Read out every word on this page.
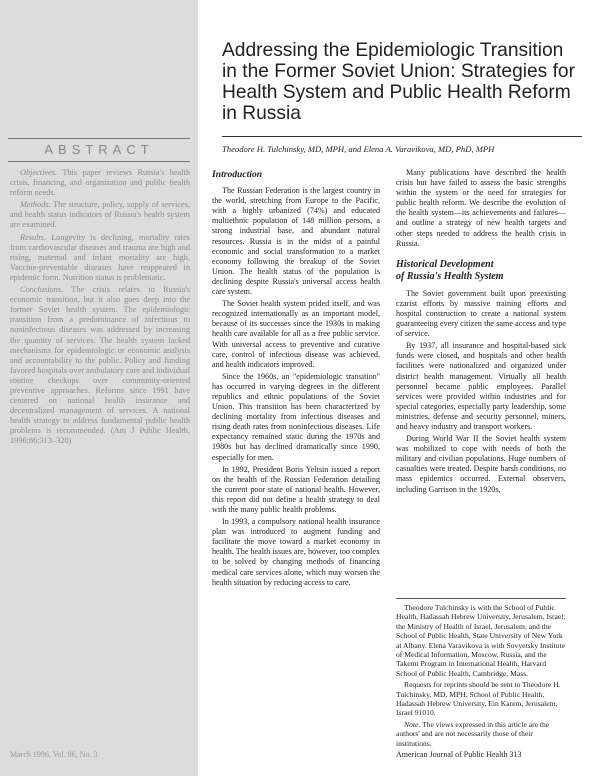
ABSTRACT

Objectives. This paper reviews Russia's health crisis, financing, and organization and public health reform needs.

Methods. The structure, policy, supply of services, and health status indicators of Russia's health system are examined.

Results. Longevity is declining, mortality rates from cardiovascular diseases and trauma are high and rising, maternal and infant mortality are high. Vaccine-preventable diseases have reappeared in epidemic form. Nutrition status is problematic.

Conclusions. The crisis relates to Russia's economic transition, but it also goes deep into the former Soviet health system. The epidemiologic transition from a predominance of infectious to noninfectious diseases was addressed by increasing the quantity of services. The health system lacked mechanisms for epidemiologic or economic analysis and accountability to the public. Policy and funding favored hospitals over ambulatory care and individual routine checkups over community-oriented preventive approaches. Reforms since 1991 have centered on national health insurance and decentralized management of services. A national health strategy to address fundamental public health problems is recommended. (Am J Public Health. 1996;86:313–320)

March 1996, Vol. 86, No. 3
Addressing the Epidemiologic Transition in the Former Soviet Union: Strategies for Health System and Public Health Reform in Russia
Theodore H. Tulchinsky, MD, MPH, and Elena A. Varavikova, MD, PhD, MPH
Introduction

The Russian Federation is the largest country in the world, stretching from Europe to the Pacific, with a highly urbanized (74%) and educated multiethnic population of 148 million persons, a strong industrial base, and abundant natural resources. Russia is in the midst of a painful economic and social transformation to a market economy following the breakup of the Soviet Union. The health status of the population is declining despite Russia's universal access health care system.

The Soviet health system prided itself, and was recognized internationally as an important model, because of its successes since the 1930s in making health care available for all as a free public service. With universal access to preventive and curative care, control of infectious disease was achieved, and health indicators improved.

Since the 1960s, an "epidemiologic transition" has occurred in varying degrees in the different republics and ethnic populations of the Soviet Union. This transition has been characterized by declining mortality from infectious diseases and rising death rates from noninfectious diseases. Life expectancy remained static during the 1970s and 1980s but has declined dramatically since 1990, especially for men.

In 1992, President Boris Yeltsin issued a report on the health of the Russian Federation detailing the current poor state of national health. However, this report did not define a health strategy to deal with the many public health problems.

In 1993, a compulsory national health insurance plan was introduced to augment funding and facilitate the move toward a market economy in health. The health issues are, however, too complex to be solved by changing methods of financing medical care services alone, which may worsen the health situation by reducing access to care.

Many publications have described the health crisis but have failed to assess the basic strengths within the system or the need for strategies for public health reform. We describe the evolution of the health system—its achievements and failures—and outline a strategy of new health targets and other steps needed to address the health crisis in Russia.

Historical Development
of Russia's Health System

The Soviet government built upon preexisting czarist efforts by massive training efforts and hospital construction to create a national system guaranteeing every citizen the same access and type of service.

By 1937, all insurance and hospital-based sick funds were closed, and hospitals and other health facilities were nationalized and organized under district health management. Virtually all health personnel became public employees. Parallel services were provided within industries and for special categories, especially party leadership, some ministries, defense and security personnel, miners, and heavy industry and transport workers.

During World War II the Soviet health system was mobilized to cope with needs of both the military and civilian populations. Huge numbers of casualties were treated. Despite harsh conditions, no mass epidemics occurred. External observers, including Garrison in the 1920s,

Theodore Tulchinsky is with the School of Public Health, Hadassah Hebrew University, Jerusalem, Israel; the Ministry of Health of Israel, Jerusalem; and the School of Public Health, State University of New York at Albany. Elena Varavikova is with Sovyetsky Institute of Medical Information, Moscow, Russia, and the Takemi Program in International Health, Harvard School of Public Health, Cambridge, Mass.

Requests for reprints should be sent to Theodore H. Tulchinsky, MD, MPH, School of Public Health, Hadassah Hebrew University, Ein Karem, Jerusalem, Israel 91010.

Note. The views expressed in this article are the authors' and are not necessarily those of their institutions.

American Journal of Public Health 313
